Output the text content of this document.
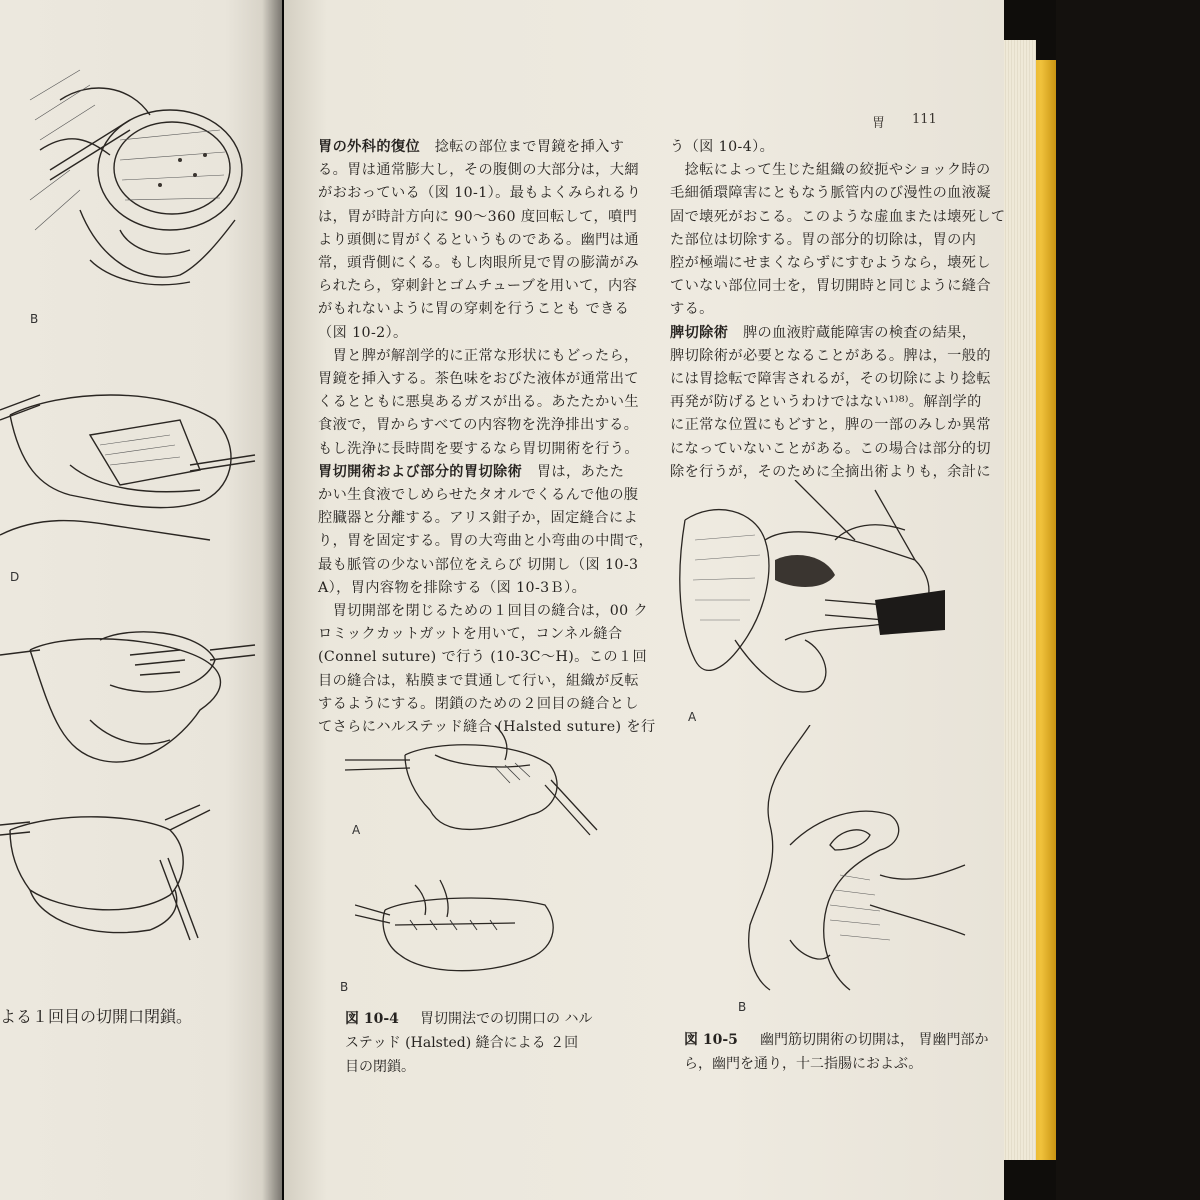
B
D
よる１回目の切開口閉鎖。
胃 111
胃の外科的復位　 捻転の部位まで胃鏡を挿入す
る。胃は通常膨大し，その腹側の大部分は，大網
がおおっている（図 10-1）。最もよくみられるり
は，胃が時計方向に 90～360 度回転して，噴門
より頭側に胃がくるというものである。幽門は通
常，頭背側にくる。もし肉眼所見で胃の膨満がみ
られたら，穿刺針とゴムチューブを用いて，内容
がもれないように胃の穿刺を行うことも できる
（図 10-2）。
　胃と脾が解剖学的に正常な形状にもどったら，
胃鏡を挿入する。茶色味をおびた液体が通常出て
くるとともに悪臭あるガスが出る。あたたかい生
食液で，胃からすべての内容物を洗浄排出する。
もし洗浄に長時間を要するなら胃切開術を行う。
胃切開術および部分的胃切除術　 胃は，あたた
かい生食液でしめらせたタオルでくるんで他の腹
腔臓器と分離する。アリス鉗子か，固定縫合によ
り，胃を固定する。胃の大弯曲と小弯曲の中間で，
最も脈管の少ない部位をえらび 切開し（図 10-3
A），胃内容物を排除する（図 10-3Ｂ）。
　胃切開部を閉じるための１回目の縫合は，00 ク
ロミックカットガットを用いて，コンネル縫合
(Connel suture) で行う (10-3C～H)。この１回
目の縫合は，粘膜まで貫通して行い，組織が反転
するようにする。閉鎖のための２回目の縫合とし
てさらにハルステッド縫合 (Halsted suture) を行
う（図 10-4）。
　捻転によって生じた組織の絞扼やショック時の
毛細循環障害にともなう脈管内のび漫性の血液凝
固で壊死がおこる。このような虚血または壊死して
た部位は切除する。胃の部分的切除は，胃の内
腔が極端にせまくならずにすむようなら，壊死し
ていない部位同士を，胃切開時と同じように縫合
する。
脾切除術　 脾の血液貯蔵能障害の検査の結果，
脾切除術が必要となることがある。脾は，一般的
には胃捻転で障害されるが，その切除により捻転
再発が防げるというわけではない¹⁾⁸⁾。解剖学的
に正常な位置にもどすと，脾の一部のみしか異常
になっていないことがある。この場合は部分的切
除を行うが，そのために全摘出術よりも，余計に
A
B
図 10-4 胃切開法での切開口の ハル
ステッド (Halsted) 縫合による ２回
目の閉鎖。
A
B
図 10-5 幽門筋切開術の切開は， 胃幽門部か
ら，幽門を通り，十二指腸におよぶ。
